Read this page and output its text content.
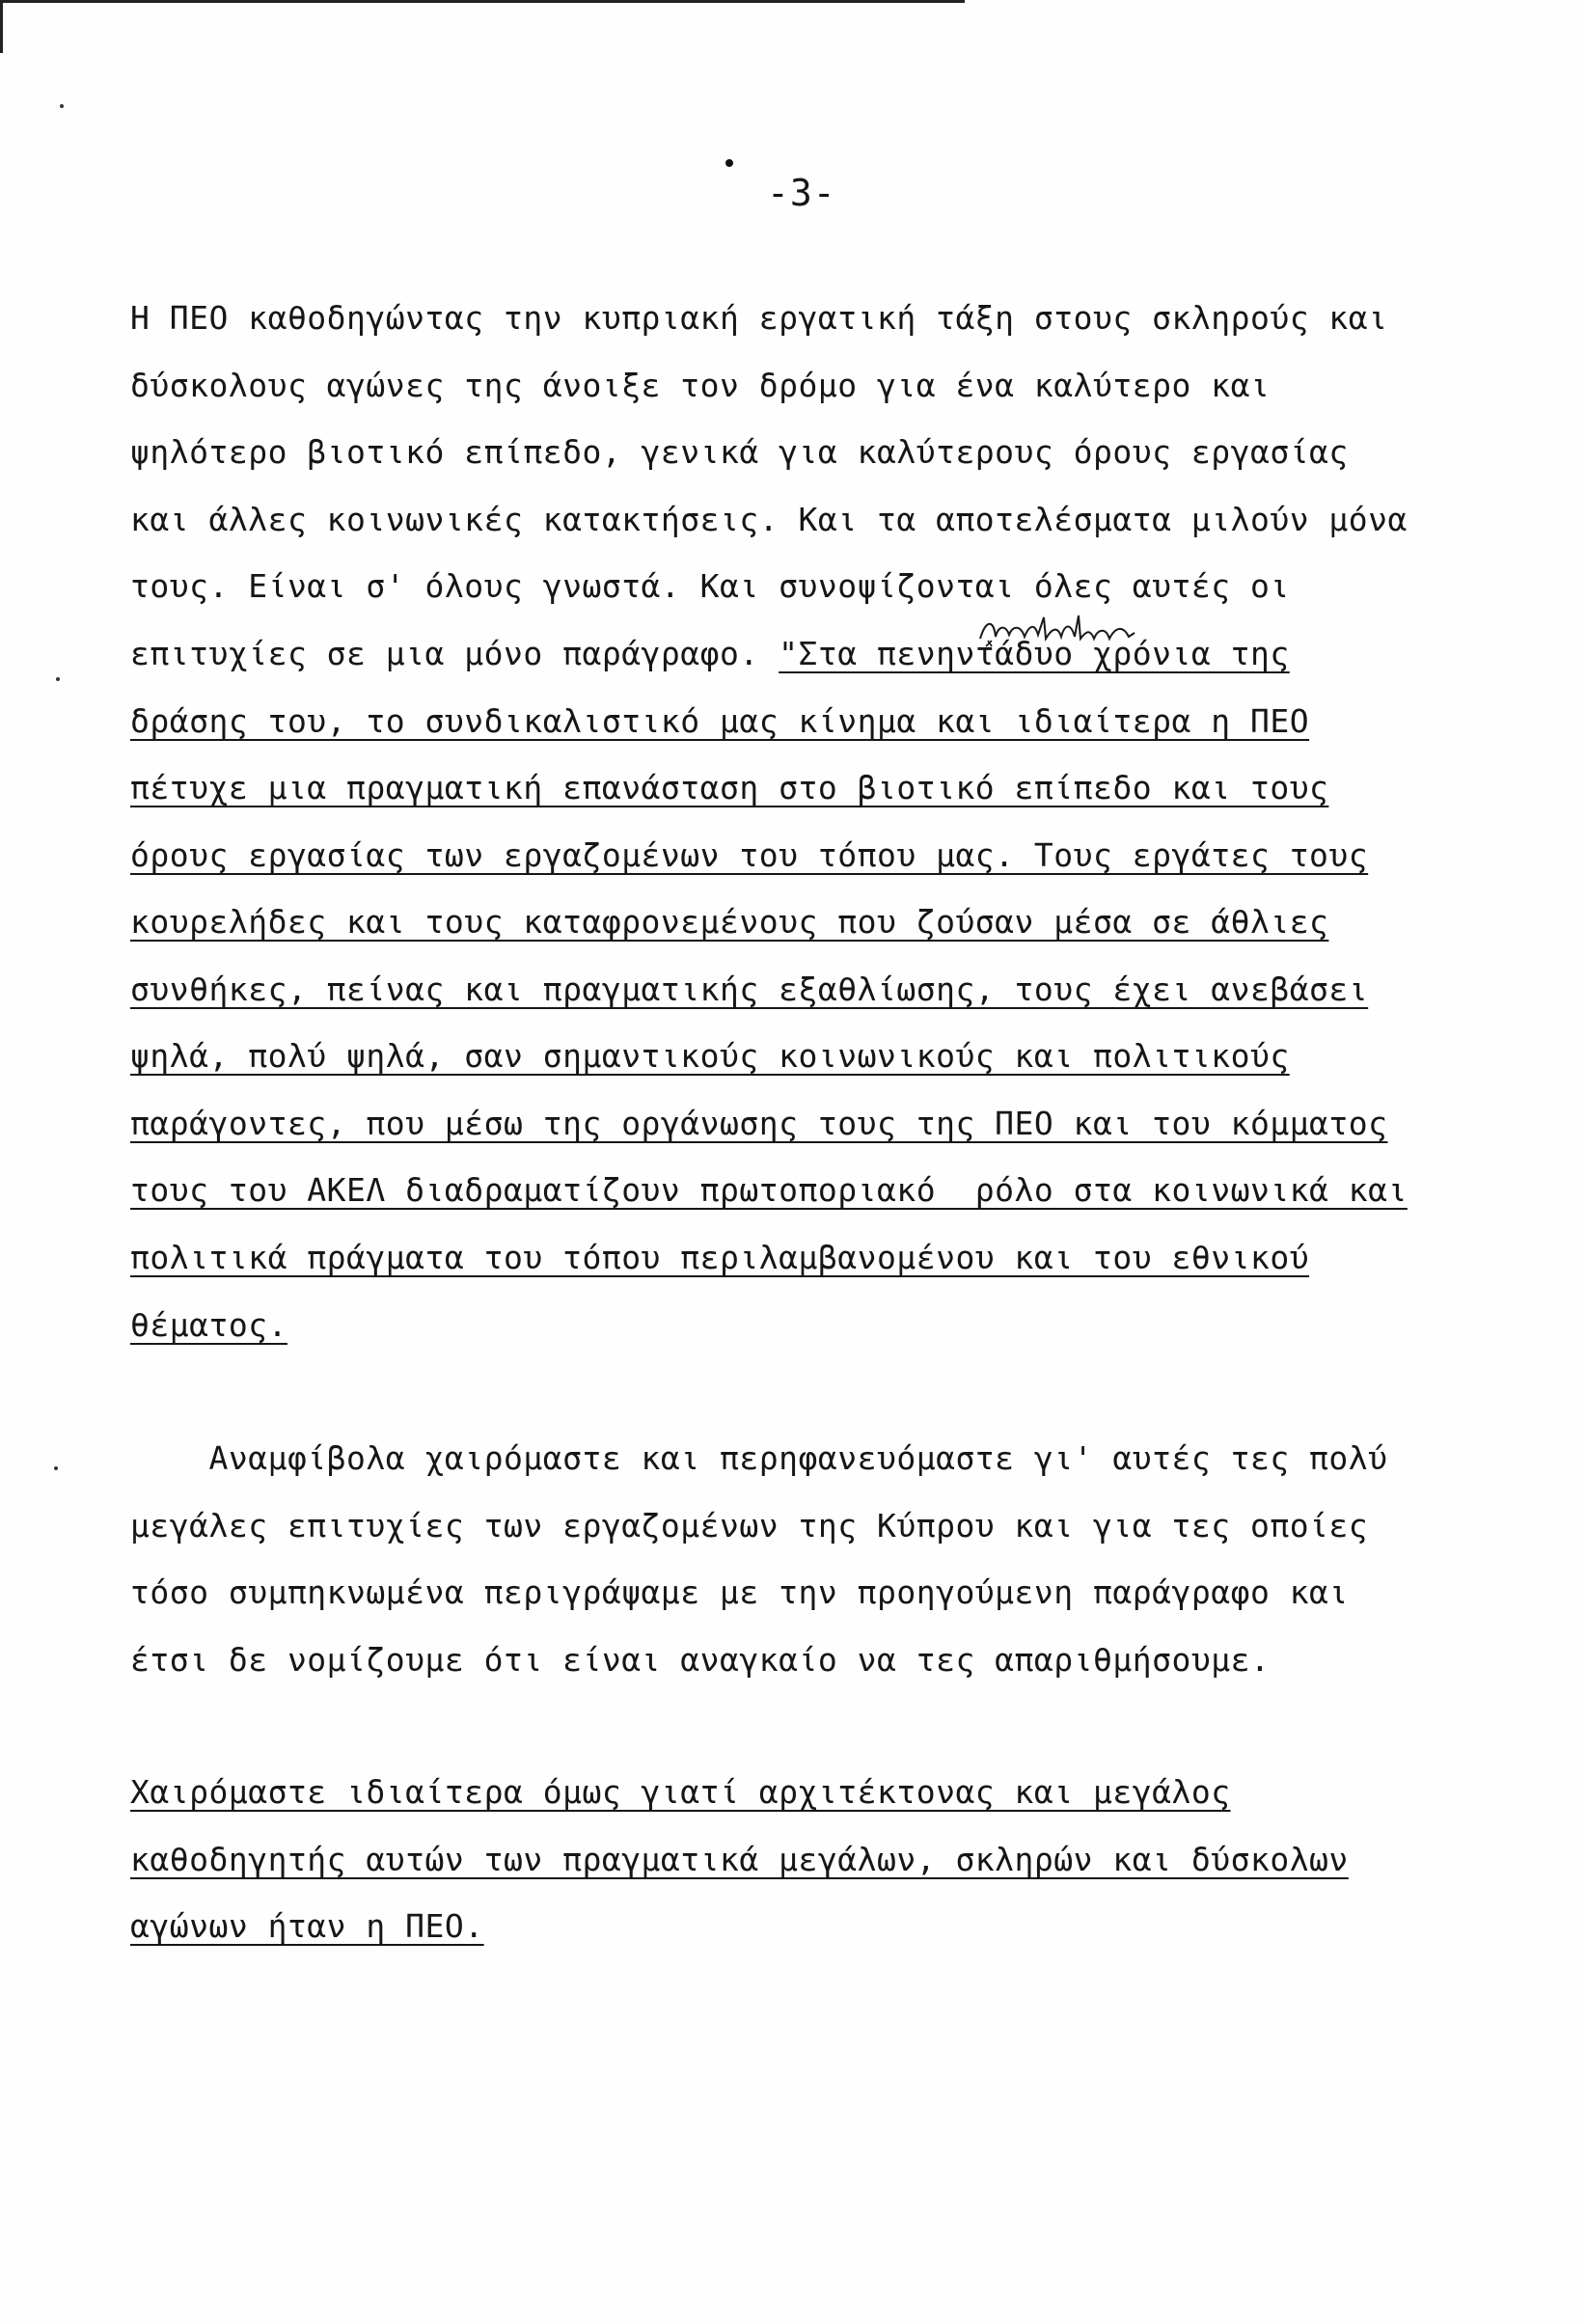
-3-
Η ΠΕΟ καθοδηγώντας την κυπριακή εργατική τάξη στους σκληρούς και
δύσκολους αγώνες της άνοιξε τον δρόμο για ένα καλύτερο και
ψηλότερο βιοτικό επίπεδο, γενικά για καλύτερους όρους εργασίας
και άλλες κοινωνικές κατακτήσεις. Και τα αποτελέσματα μιλούν μόνα
τους. Είναι σ' όλους γνωστά. Και συνοψίζονται όλες αυτές οι
επιτυχίες σε μια μόνο παράγραφο. "Στα πενηντάδυο χρόνια της
δράσης του, το συνδικαλιστικό μας κίνημα και ιδιαίτερα η ΠΕΟ
πέτυχε μια πραγματική επανάσταση στο βιοτικό επίπεδο και τους
όρους εργασίας των εργαζομένων του τόπου μας. Τους εργάτες τους
κουρελήδες και τους καταφρονεμένους που ζούσαν μέσα σε άθλιες
συνθήκες, πείνας και πραγματικής εξαθλίωσης, τους έχει ανεβάσει
ψηλά, πολύ ψηλά, σαν σημαντικούς κοινωνικούς και πολιτικούς
παράγοντες, που μέσω της οργάνωσης τους της ΠΕΟ και του κόμματος
τους του ΑΚΕΛ διαδραματίζουν πρωτοποριακό  ρόλο στα κοινωνικά και
πολιτικά πράγματα του τόπου περιλαμβανομένου και του εθνικού
θέματος.
Αναμφίβολα χαιρόμαστε και περηφανευόμαστε γι' αυτές τες πολύ
μεγάλες επιτυχίες των εργαζομένων της Κύπρου και για τες οποίες
τόσο συμπηκνωμένα περιγράψαμε με την προηγούμενη παράγραφο και
έτσι δε νομίζουμε ότι είναι αναγκαίο να τες απαριθμήσουμε.
Χαιρόμαστε ιδιαίτερα όμως γιατί αρχιτέκτονας και μεγάλος
καθοδηγητής αυτών των πραγματικά μεγάλων, σκληρών και δύσκολων
αγώνων ήταν η ΠΕΟ.
